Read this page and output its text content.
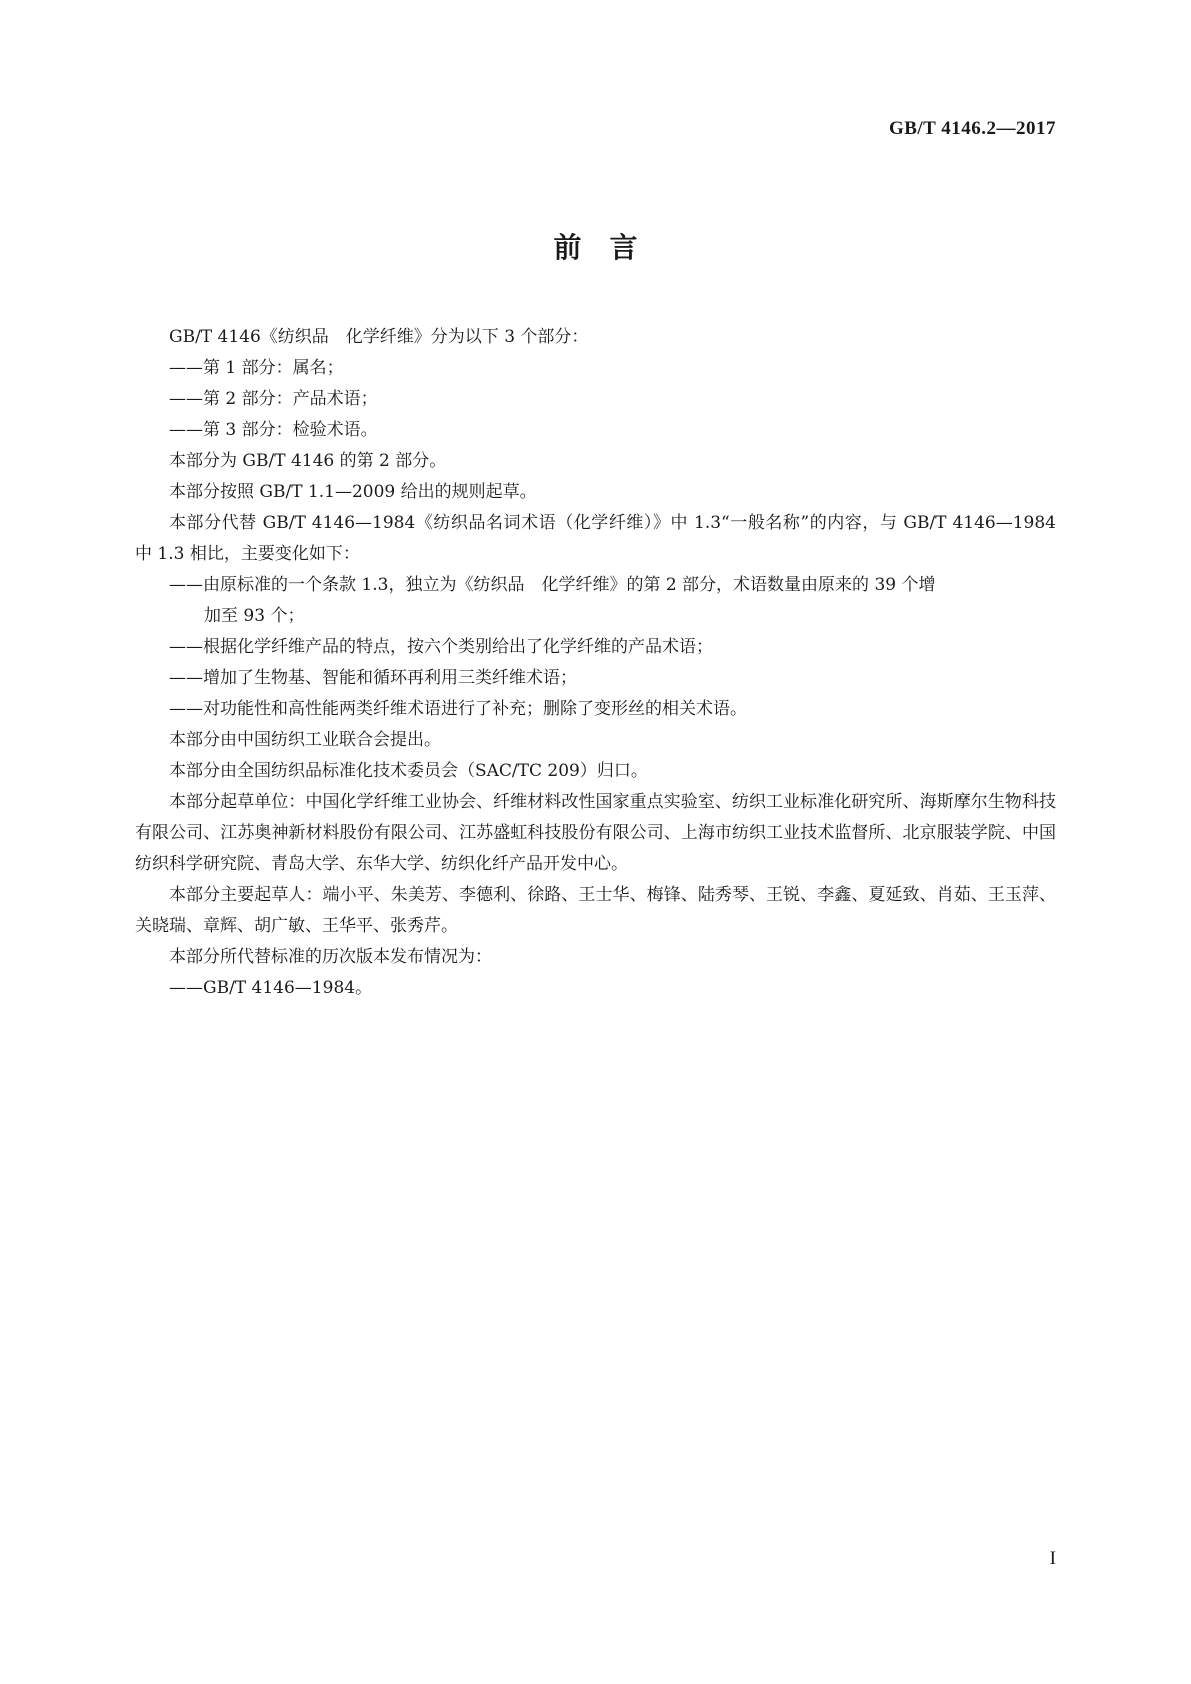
GB/T 4146.2—2017
前　言

GB/T 4146《纺织品　化学纤维》分为以下 3 个部分：

——第 1 部分：属名；

——第 2 部分：产品术语；

——第 3 部分：检验术语。

本部分为 GB/T 4146 的第 2 部分。

本部分按照 GB/T 1.1—2009 给出的规则起草。

本部分代替 GB/T 4146—1984《纺织品名词术语（化学纤维）》中 1.3“一般名称”的内容，与 GB/T 4146—1984 中 1.3 相比，主要变化如下：

——由原标准的一个条款 1.3，独立为《纺织品　化学纤维》的第 2 部分，术语数量由原来的 39 个增

加至 93 个；

——根据化学纤维产品的特点，按六个类别给出了化学纤维的产品术语；

——增加了生物基、智能和循环再利用三类纤维术语；

——对功能性和高性能两类纤维术语进行了补充；删除了变形丝的相关术语。

本部分由中国纺织工业联合会提出。

本部分由全国纺织品标准化技术委员会（SAC/TC 209）归口。

本部分起草单位：中国化学纤维工业协会、纤维材料改性国家重点实验室、纺织工业标准化研究所、海斯摩尔生物科技有限公司、江苏奥神新材料股份有限公司、江苏盛虹科技股份有限公司、上海市纺织工业技术监督所、北京服装学院、中国纺织科学研究院、青岛大学、东华大学、纺织化纤产品开发中心。

本部分主要起草人：端小平、朱美芳、李德利、徐路、王士华、梅锋、陆秀琴、王锐、李鑫、夏延致、肖茹、王玉萍、关晓瑞、章辉、胡广敏、王华平、张秀芹。

本部分所代替标准的历次版本发布情况为：

——GB/T 4146—1984。

I
